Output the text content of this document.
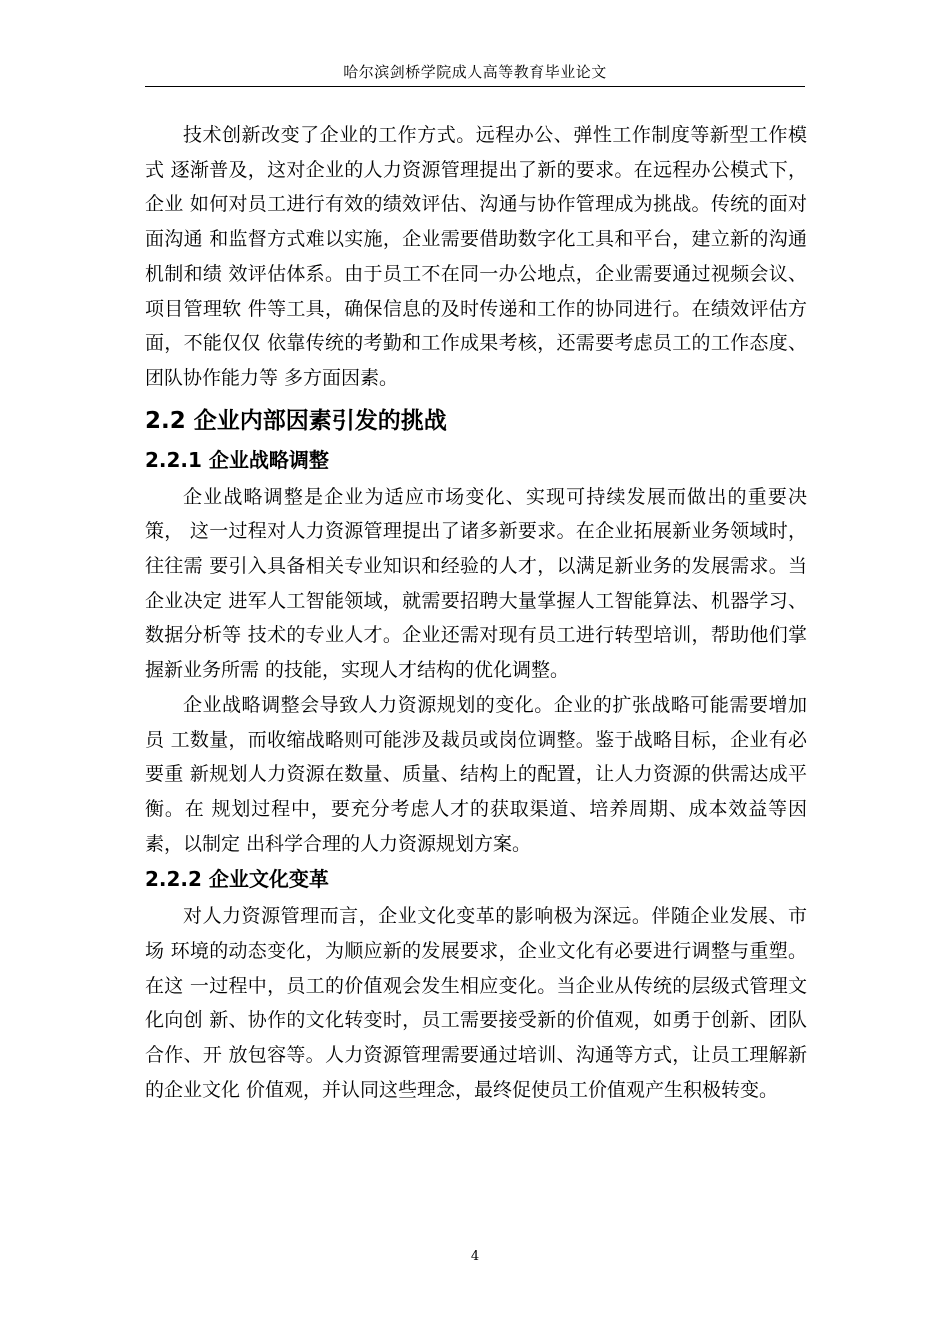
哈尔滨剑桥学院成人高等教育毕业论文

技术创新改变了企业的工作方式。远程办公、弹性工作制度等新型工作模式 逐渐普及，这对企业的人力资源管理提出了新的要求。在远程办公模式下，企业 如何对员工进行有效的绩效评估、沟通与协作管理成为挑战。传统的面对面沟通 和监督方式难以实施，企业需要借助数字化工具和平台，建立新的沟通机制和绩 效评估体系。由于员工不在同一办公地点，企业需要通过视频会议、项目管理软 件等工具，确保信息的及时传递和工作的协同进行。在绩效评估方面，不能仅仅 依靠传统的考勤和工作成果考核，还需要考虑员工的工作态度、团队协作能力等 多方面因素。

2.2 企业内部因素引发的挑战
2.2.1 企业战略调整

企业战略调整是企业为适应市场变化、实现可持续发展而做出的重要决策， 这一过程对人力资源管理提出了诸多新要求。在企业拓展新业务领域时，往往需 要引入具备相关专业知识和经验的人才，以满足新业务的发展需求。当企业决定 进军人工智能领域，就需要招聘大量掌握人工智能算法、机器学习、数据分析等 技术的专业人才。企业还需对现有员工进行转型培训，帮助他们掌握新业务所需 的技能，实现人才结构的优化调整。

企业战略调整会导致人力资源规划的变化。企业的扩张战略可能需要增加员 工数量，而收缩战略则可能涉及裁员或岗位调整。鉴于战略目标，企业有必要重 新规划人力资源在数量、质量、结构上的配置，让人力资源的供需达成平衡。在 规划过程中，要充分考虑人才的获取渠道、培养周期、成本效益等因素，以制定 出科学合理的人力资源规划方案。

2.2.2 企业文化变革

对人力资源管理而言，企业文化变革的影响极为深远。伴随企业发展、市场 环境的动态变化，为顺应新的发展要求，企业文化有必要进行调整与重塑。在这 一过程中，员工的价值观会发生相应变化。当企业从传统的层级式管理文化向创 新、协作的文化转变时，员工需要接受新的价值观，如勇于创新、团队合作、开 放包容等。人力资源管理需要通过培训、沟通等方式，让员工理解新的企业文化 价值观，并认同这些理念，最终促使员工价值观产生积极转变。

4
